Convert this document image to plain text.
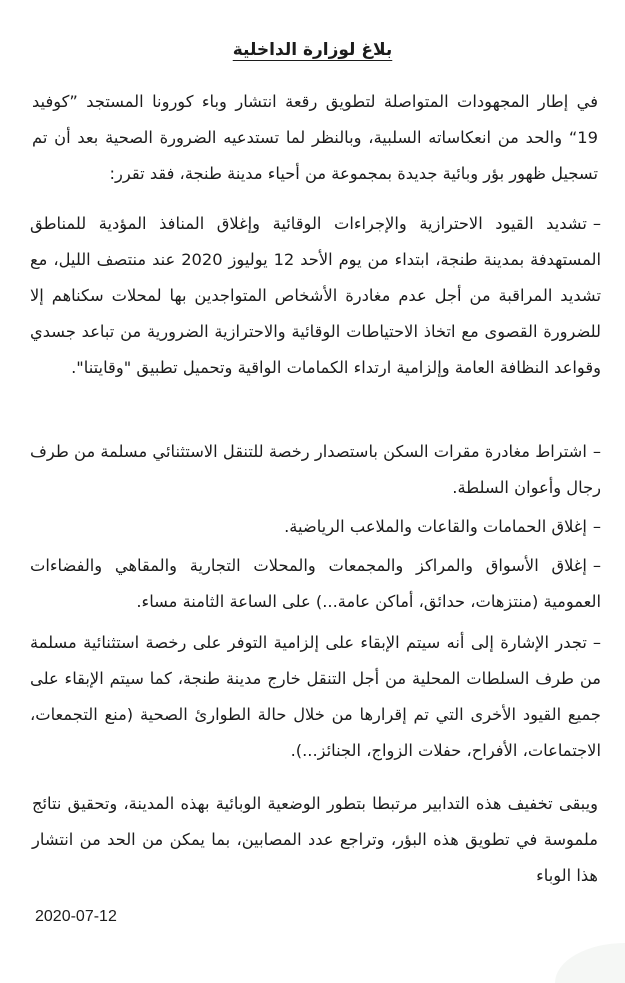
بلاغ لوزارة الداخلية

في إطار المجهودات المتواصلة لتطويق رقعة انتشار وباء كورونا المستجد ”كوفيد 19“ والحد من انعكاساته السلبية، وبالنظر لما تستدعيه الضرورة الصحية بعد أن تم تسجيل ظهور بؤر وبائية جديدة بمجموعة من أحياء مدينة طنجة، فقد تقرر:

–تشديد القيود الاحترازية والإجراءات الوقائية وإغلاق المنافذ المؤدية للمناطق المستهدفة بمدينة طنجة، ابتداء من يوم الأحد 12 يوليوز 2020 عند منتصف الليل، مع تشديد المراقبة من أجل عدم مغادرة الأشخاص المتواجدين بها لمحلات سكناهم إلا للضرورة القصوى مع اتخاذ الاحتياطات الوقائية والاحترازية الضرورية من تباعد جسدي وقواعد النظافة العامة وإلزامية ارتداء الكمامات الواقية وتحميل تطبيق "وقايتنا".
–اشتراط مغادرة مقرات السكن باستصدار رخصة للتنقل الاستثنائي مسلمة من طرف رجال وأعوان السلطة.
–إغلاق الحمامات والقاعات والملاعب الرياضية.
–إغلاق الأسواق والمراكز والمجمعات والمحلات التجارية والمقاهي والفضاءات العمومية (منتزهات، حدائق، أماكن عامة...) على الساعة الثامنة مساء.
–تجدر الإشارة إلى أنه سيتم الإبقاء على إلزامية التوفر على رخصة استثنائية مسلمة من طرف السلطات المحلية من أجل التنقل خارج مدينة طنجة، كما سيتم الإبقاء على جميع القيود الأخرى التي تم إقرارها من خلال حالة الطوارئ الصحية (منع التجمعات، الاجتماعات، الأفراح، حفلات الزواج، الجنائز...).

ويبقى تخفيف هذه التدابير مرتبطا بتطور الوضعية الوبائية بهذه المدينة، وتحقيق نتائج ملموسة في تطويق هذه البؤر، وتراجع عدد المصابين، بما يمكن من الحد من انتشار هذا الوباء

2020-07-12
